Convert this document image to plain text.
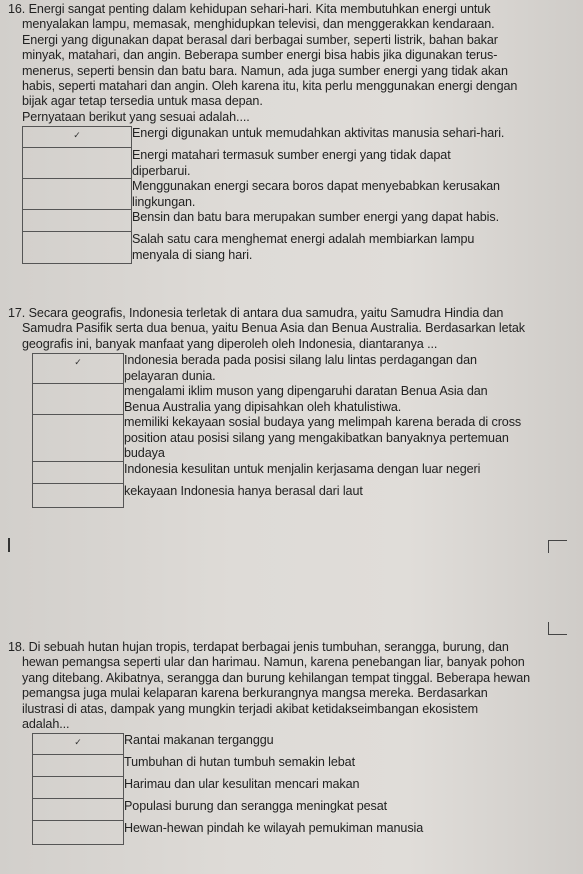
16. Energi sangat penting dalam kehidupan sehari-hari. Kita membutuhkan energi untuk

menyalakan lampu, memasak, menghidupkan televisi, dan menggerakkan kendaraan.

Energi yang digunakan dapat berasal dari berbagai sumber, seperti listrik, bahan bakar

minyak, matahari, dan angin. Beberapa sumber energi bisa habis jika digunakan terus-

menerus, seperti bensin dan batu bara. Namun, ada juga sumber energi yang tidak akan

habis, seperti matahari dan angin. Oleh karena itu, kita perlu menggunakan energi dengan

bijak agar tetap tersedia untuk masa depan.

Pernyataan berikut yang sesuai adalah....

✓	Energi digunakan untuk memudahkan aktivitas manusia sehari-hari.

	Energi matahari termasuk sumber energi yang tidak dapat
diperbarui.

	Menggunakan energi secara boros dapat menyebabkan kerusakan
lingkungan.

	Bensin dan batu bara merupakan sumber energi yang dapat habis.

	Salah satu cara menghemat energi adalah membiarkan lampu
menyala di siang hari.

17. Secara geografis, Indonesia terletak di antara dua samudra, yaitu Samudra Hindia dan

Samudra Pasifik serta dua benua, yaitu Benua Asia dan Benua Australia. Berdasarkan letak

geografis ini, banyak manfaat yang diperoleh oleh Indonesia, diantaranya ...

✓	Indonesia berada pada posisi silang lalu lintas perdagangan dan
pelayaran dunia.

	mengalami iklim muson yang dipengaruhi daratan Benua Asia dan
Benua Australia yang dipisahkan oleh khatulistiwa.

	memiliki kekayaan sosial budaya yang melimpah karena berada di cross
position atau posisi silang yang mengakibatkan banyaknya pertemuan
budaya

	Indonesia kesulitan untuk menjalin kerjasama dengan luar negeri

	kekayaan Indonesia hanya berasal dari laut

18. Di sebuah hutan hujan tropis, terdapat berbagai jenis tumbuhan, serangga, burung, dan

hewan pemangsa seperti ular dan harimau. Namun, karena penebangan liar, banyak pohon

yang ditebang. Akibatnya, serangga dan burung kehilangan tempat tinggal. Beberapa hewan

pemangsa juga mulai kelaparan karena berkurangnya mangsa mereka. Berdasarkan

ilustrasi di atas, dampak yang mungkin terjadi akibat ketidakseimbangan ekosistem

adalah...

✓	Rantai makanan terganggu

	Tumbuhan di hutan tumbuh semakin lebat

	Harimau dan ular kesulitan mencari makan

	Populasi burung dan serangga meningkat pesat

	Hewan-hewan pindah ke wilayah pemukiman manusia
